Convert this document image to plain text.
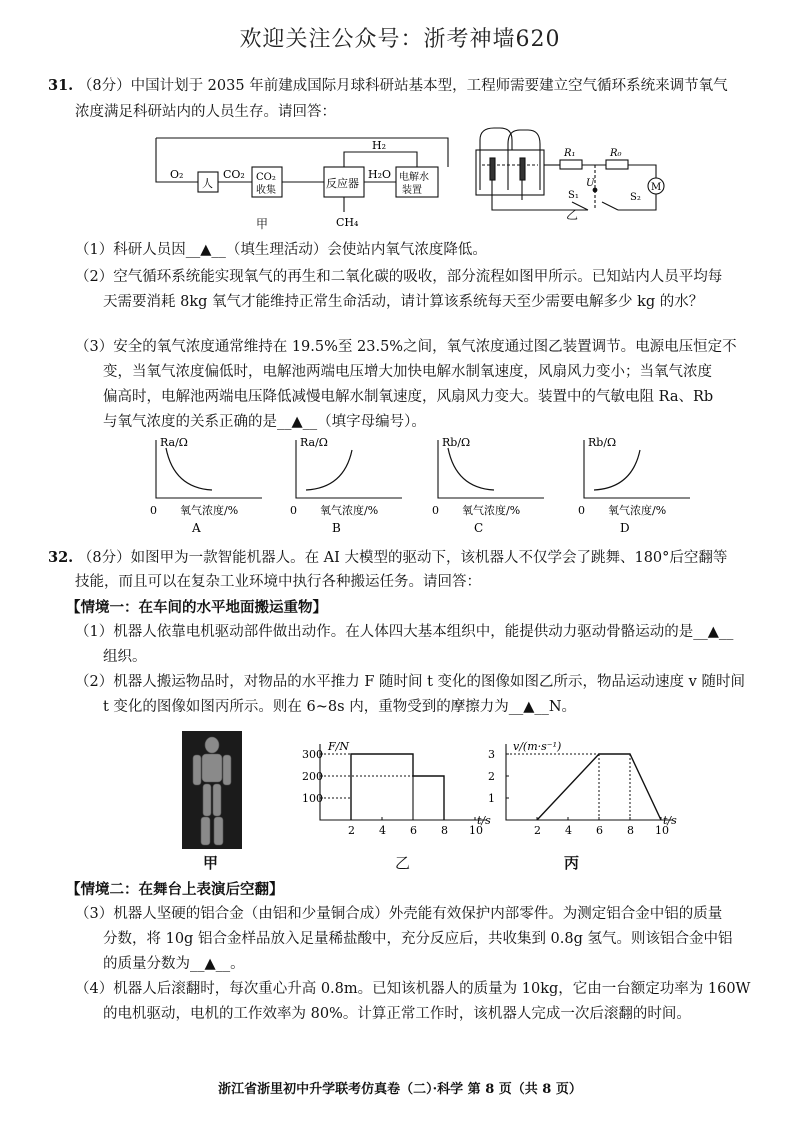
欢迎关注公众号：浙考神墙620
31. （8分）中国计划于 2035 年前建成国际月球科研站基本型，工程师需要建立空气循环系统来调节氧气
浓度满足科研站内的人员生存。请回答：
O₂
人
CO₂ CO₂
收集
反应器
H₂O 电解水
装置
H₂
CH₄
甲
R₁	R₀
U
S₁	S₂
M
乙
（1）科研人员因__▲__（填生理活动）会使站内氧气浓度降低。
（2）空气循环系统能实现氧气的再生和二氧化碳的吸收，部分流程如图甲所示。已知站内人员平均每
天需要消耗 8kg 氧气才能维持正常生命活动，请计算该系统每天至少需要电解多少 kg 的水？
（3）安全的氧气浓度通常维持在 19.5%至 23.5%之间，氧气浓度通过图乙装置调节。电源电压恒定不
变，当氧气浓度偏低时，电解池两端电压增大加快电解水制氧速度，风扇风力变小；当氧气浓度
偏高时，电解池两端电压降低减慢电解水制氧速度，风扇风力变大。装置中的气敏电阻 Ra、Rb
与氧气浓度的关系正确的是__▲__（填字母编号）。
Ra/Ω
0 氧气浓度/%
A
Ra/Ω
0 氧气浓度/%
B
Rb/Ω
0 氧气浓度/%
C
Rb/Ω
0 氧气浓度/%
D
32. （8分）如图甲为一款智能机器人。在 AI 大模型的驱动下，该机器人不仅学会了跳舞、180°后空翻等
技能，而且可以在复杂工业环境中执行各种搬运任务。请回答：
【情境一：在车间的水平地面搬运重物】
（1）机器人依靠电机驱动部件做出动作。在人体四大基本组织中，能提供动力驱动骨骼运动的是__▲__
组织。
（2）机器人搬运物品时，对物品的水平推力 F 随时间 t 变化的图像如图乙所示，物品运动速度 v 随时间
t 变化的图像如图丙所示。则在 6~8s 内，重物受到的摩擦力为__▲__N。
F/N
t/s
300
200
100
2 4 6 8 10
v/(m·s⁻¹)
t/s
3
2
1
2 4 6 8 10
甲	乙	丙
【情境二：在舞台上表演后空翻】
（3）机器人坚硬的铝合金（由铝和少量铜合成）外壳能有效保护内部零件。为测定铝合金中铝的质量
分数，将 10g 铝合金样品放入足量稀盐酸中，充分反应后，共收集到 0.8g 氢气。则该铝合金中铝
的质量分数为__▲__。
（4）机器人后滚翻时，每次重心升高 0.8m。已知该机器人的质量为 10kg，它由一台额定功率为 160W
的电机驱动，电机的工作效率为 80%。计算正常工作时，该机器人完成一次后滚翻的时间。
浙江省浙里初中升学联考仿真卷（二）·科学 第 8 页（共 8 页）
